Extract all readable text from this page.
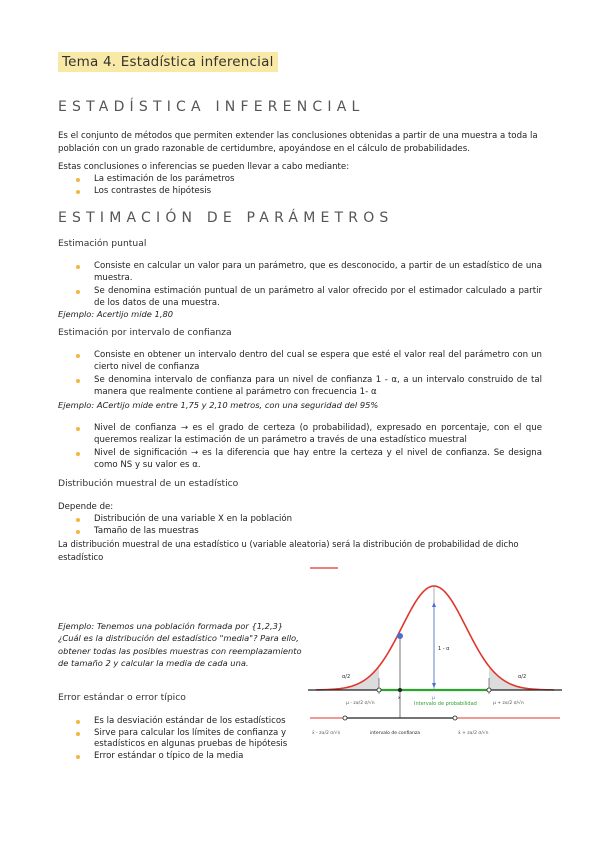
Tema 4. Estadística inferencial
ESTADÍSTICA INFERENCIAL
Es el conjunto de métodos que permiten extender las conclusiones obtenidas a partir de una muestra a toda la población con un grado razonable de certidumbre, apoyándose en el cálculo de probabilidades.
Estas conclusiones o inferencias se pueden llevar a cabo mediante:
La estimación de los parámetros
Los contrastes de hipótesis
ESTIMACIÓN DE PARÁMETROS
Estimación puntual
Consiste en calcular un valor para un parámetro, que es desconocido, a partir de un estadístico de una muestra.
Se denomina estimación puntual de un parámetro al valor ofrecido por el estimador calculado a partir de los datos de una muestra.
Ejemplo: Acertijo mide 1,80
Estimación por intervalo de confianza
Consiste en obtener un intervalo dentro del cual se espera que esté el valor real del parámetro con un cierto nivel de confianza
Se denomina intervalo de confianza para un nivel de confianza 1 - α, a un intervalo construido de tal manera que realmente contiene al parámetro con frecuencia 1- α
Ejemplo: ACertijo mide entre 1,75 y 2,10 metros, con una seguridad del 95%
Nivel de confianza → es el grado de certeza (o probabilidad), expresado en porcentaje, con el que queremos realizar la estimación de un parámetro a través de una estadístico muestral
Nivel de significación → es la diferencia que hay entre la certeza y el nivel de confianza. Se designa como NS y su valor es α.
Distribución muestral de un estadístico
Depende de:
Distribución de una variable X en la población
Tamaño de las muestras
La distribución muestral de una estadístico u (variable aleatoria) será la distribución de probabilidad de dicho estadístico
Ejemplo: Tenemos una población formada por {1,2,3} ¿Cuál es la distribución del estadístico "media"? Para ello, obtener todas las posibles muestras con reemplazamiento de tamaño 2 y calcular la media de cada una.
Error estándar o error típico
Es la desviación estándar de los estadísticos
Sirve para calcular los límites de confianza y estadísticos en algunas pruebas de hipótesis
Error estándar o típico de la media
α/2	α/2
1 - α
Intervalo de probabilidad
μ
x
μ - zα/2 σ/√n	μ + zα/2 σ/√n
x̄ - zα/2 σ/√n	x̄ + zα/2 σ/√n
intervalo de confianza
